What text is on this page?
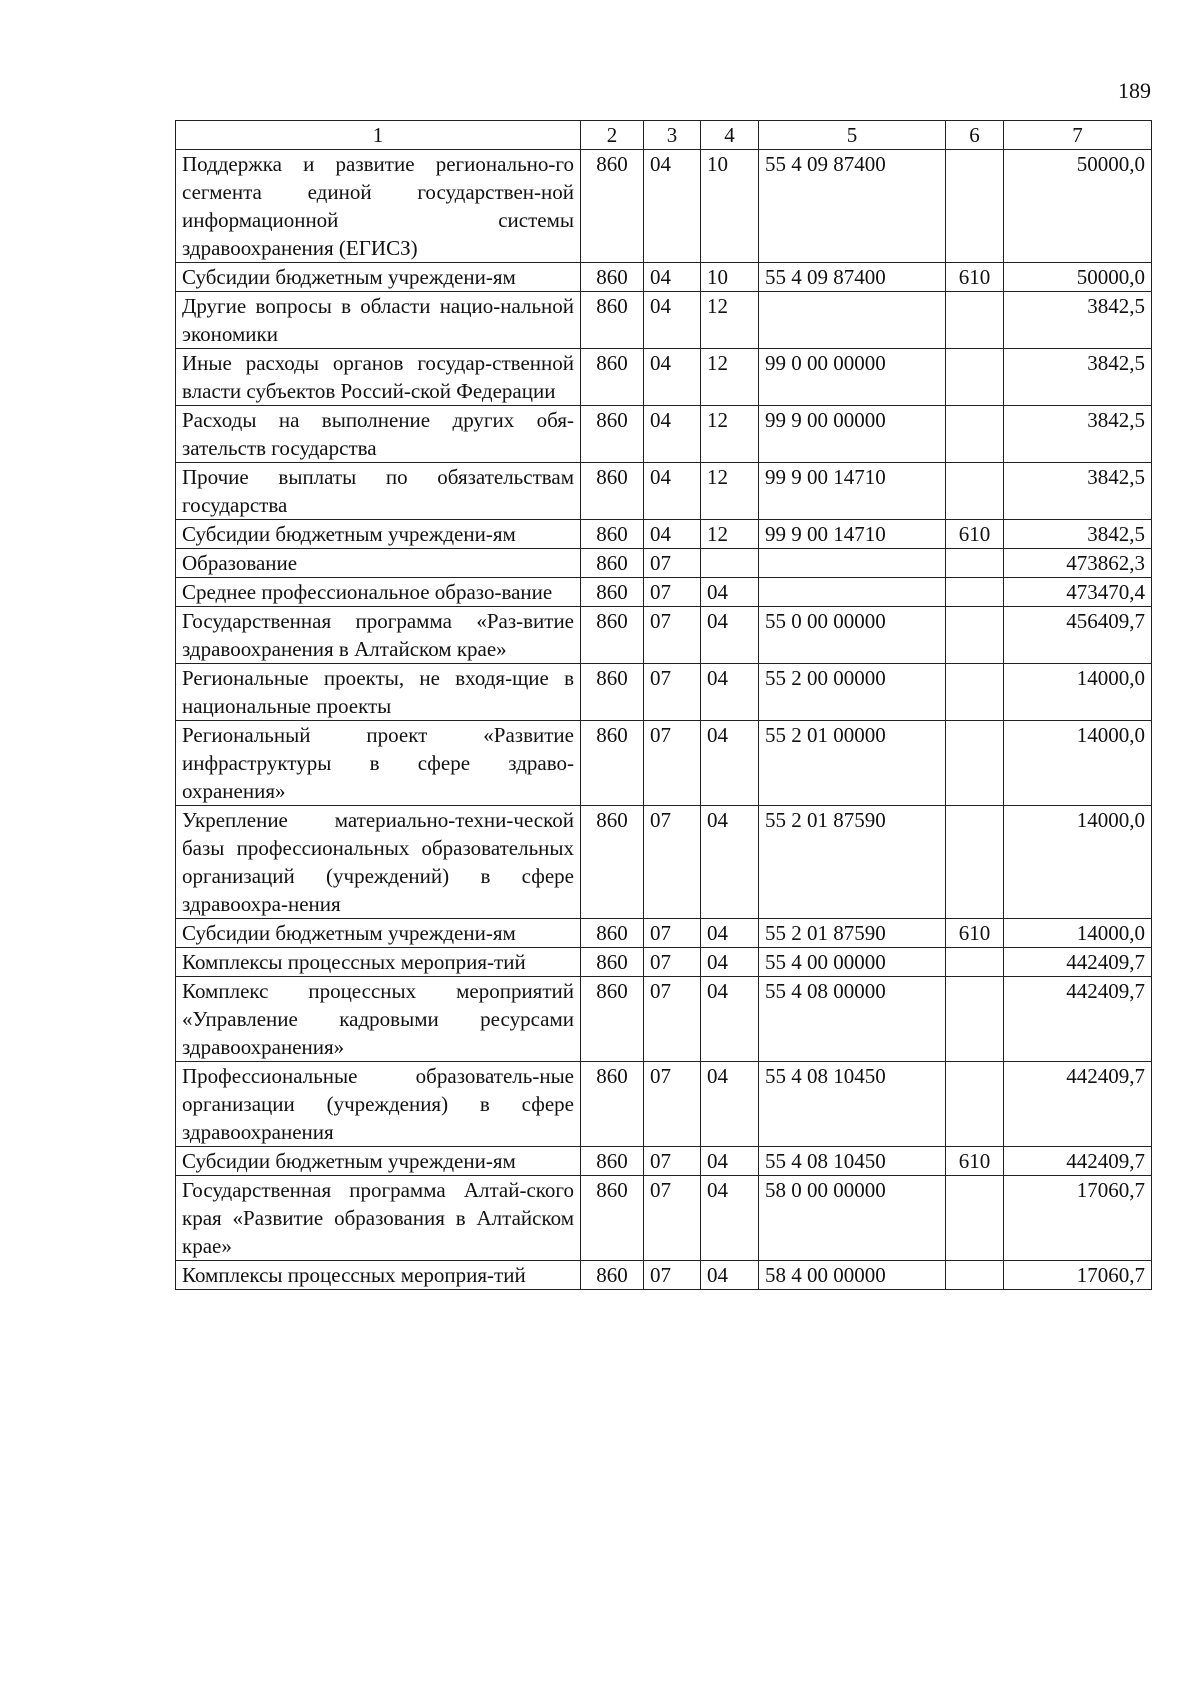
189
1	2	3	4	5	6	7
Поддержка и развитие регионально-го сегмента единой государствен-ной информационной системы здравоохранения (ЕГИСЗ)	860	04	10	55 4 09 87400		50000,0
Субсидии бюджетным учреждени-ям	860	04	10	55 4 09 87400	610	50000,0
Другие вопросы в области нацио-нальной экономики	860	04	12			3842,5
Иные расходы органов государ-ственной власти субъектов Россий-ской Федерации	860	04	12	99 0 00 00000		3842,5
Расходы на выполнение других обя-зательств государства	860	04	12	99 9 00 00000		3842,5
Прочие выплаты по обязательствам государства	860	04	12	99 9 00 14710		3842,5
Субсидии бюджетным учреждени-ям	860	04	12	99 9 00 14710	610	3842,5
Образование	860	07				473862,3
Среднее профессиональное образо-вание	860	07	04			473470,4
Государственная программа «Раз-витие здравоохранения в Алтайском крае»	860	07	04	55 0 00 00000		456409,7
Региональные проекты, не входя-щие в национальные проекты	860	07	04	55 2 00 00000		14000,0
Региональный проект «Развитие инфраструктуры в сфере здраво-охранения»	860	07	04	55 2 01 00000		14000,0
Укрепление материально-техни-ческой базы профессиональных образовательных организаций (учреждений) в сфере здравоохра-нения	860	07	04	55 2 01 87590		14000,0
Субсидии бюджетным учреждени-ям	860	07	04	55 2 01 87590	610	14000,0
Комплексы процессных мероприя-тий	860	07	04	55 4 00 00000		442409,7
Комплекс процессных мероприятий «Управление кадровыми ресурсами здравоохранения»	860	07	04	55 4 08 00000		442409,7
Профессиональные образователь-ные организации (учреждения) в сфере здравоохранения	860	07	04	55 4 08 10450		442409,7
Субсидии бюджетным учреждени-ям	860	07	04	55 4 08 10450	610	442409,7
Государственная программа Алтай-ского края «Развитие образования в Алтайском крае»	860	07	04	58 0 00 00000		17060,7
Комплексы процессных мероприя-тий	860	07	04	58 4 00 00000		17060,7
